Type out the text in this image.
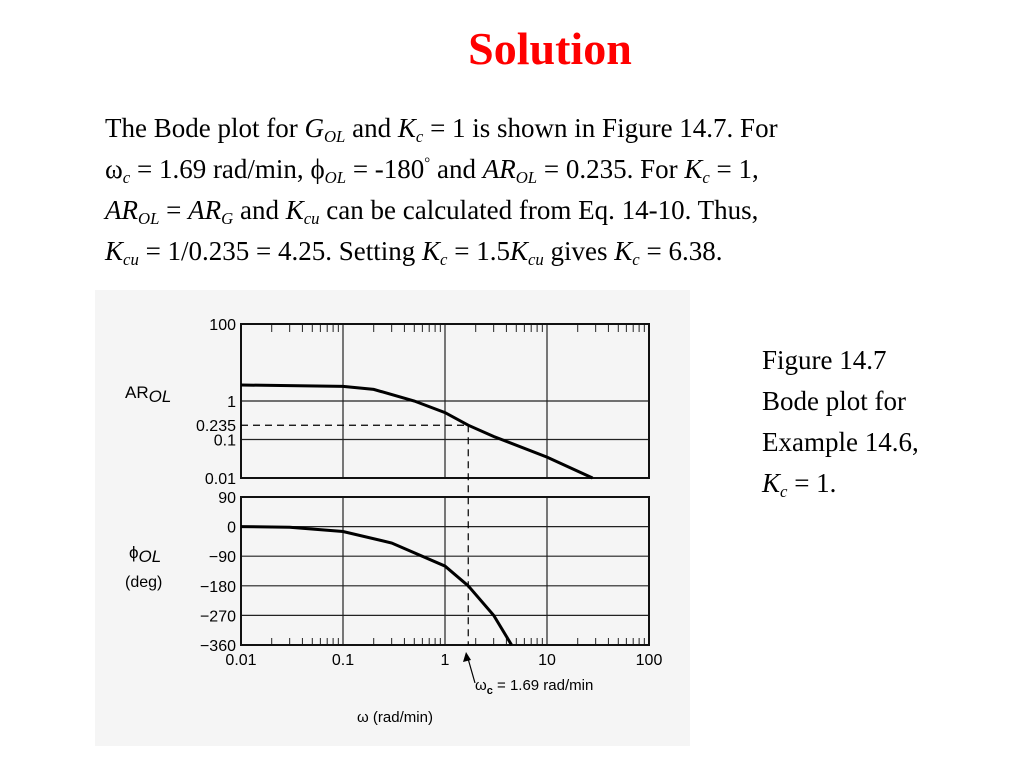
Solution
The Bode plot for $G_{OL}$ and $K_c = 1$ is shown in Figure 14.7. For
$\omega_c = 1.69$ rad/min, $\phi_{OL} = -180^\circ$ and $AR_{OL} = 0.235$. For $K_c = 1$,
$AR_{OL} = AR_G$ and $K_{cu}$ can be calculated from Eq. 14-10. Thus,
$K_{cu} = 1/0.235 = 4.25$. Setting $K_c = 1.5K_{cu}$ gives $K_c = 6.38$.
Figure 14.7
Bode plot for
Example 14.6,
$K_c = 1$.
100
1
0.235
0.1
0.01
90
0
−90
−180
−270
−360
0.01	0.1	1	10	100
AROL
ϕOL
(deg)
$\omega_c = 1.69$ rad/min
ω (rad/min)
